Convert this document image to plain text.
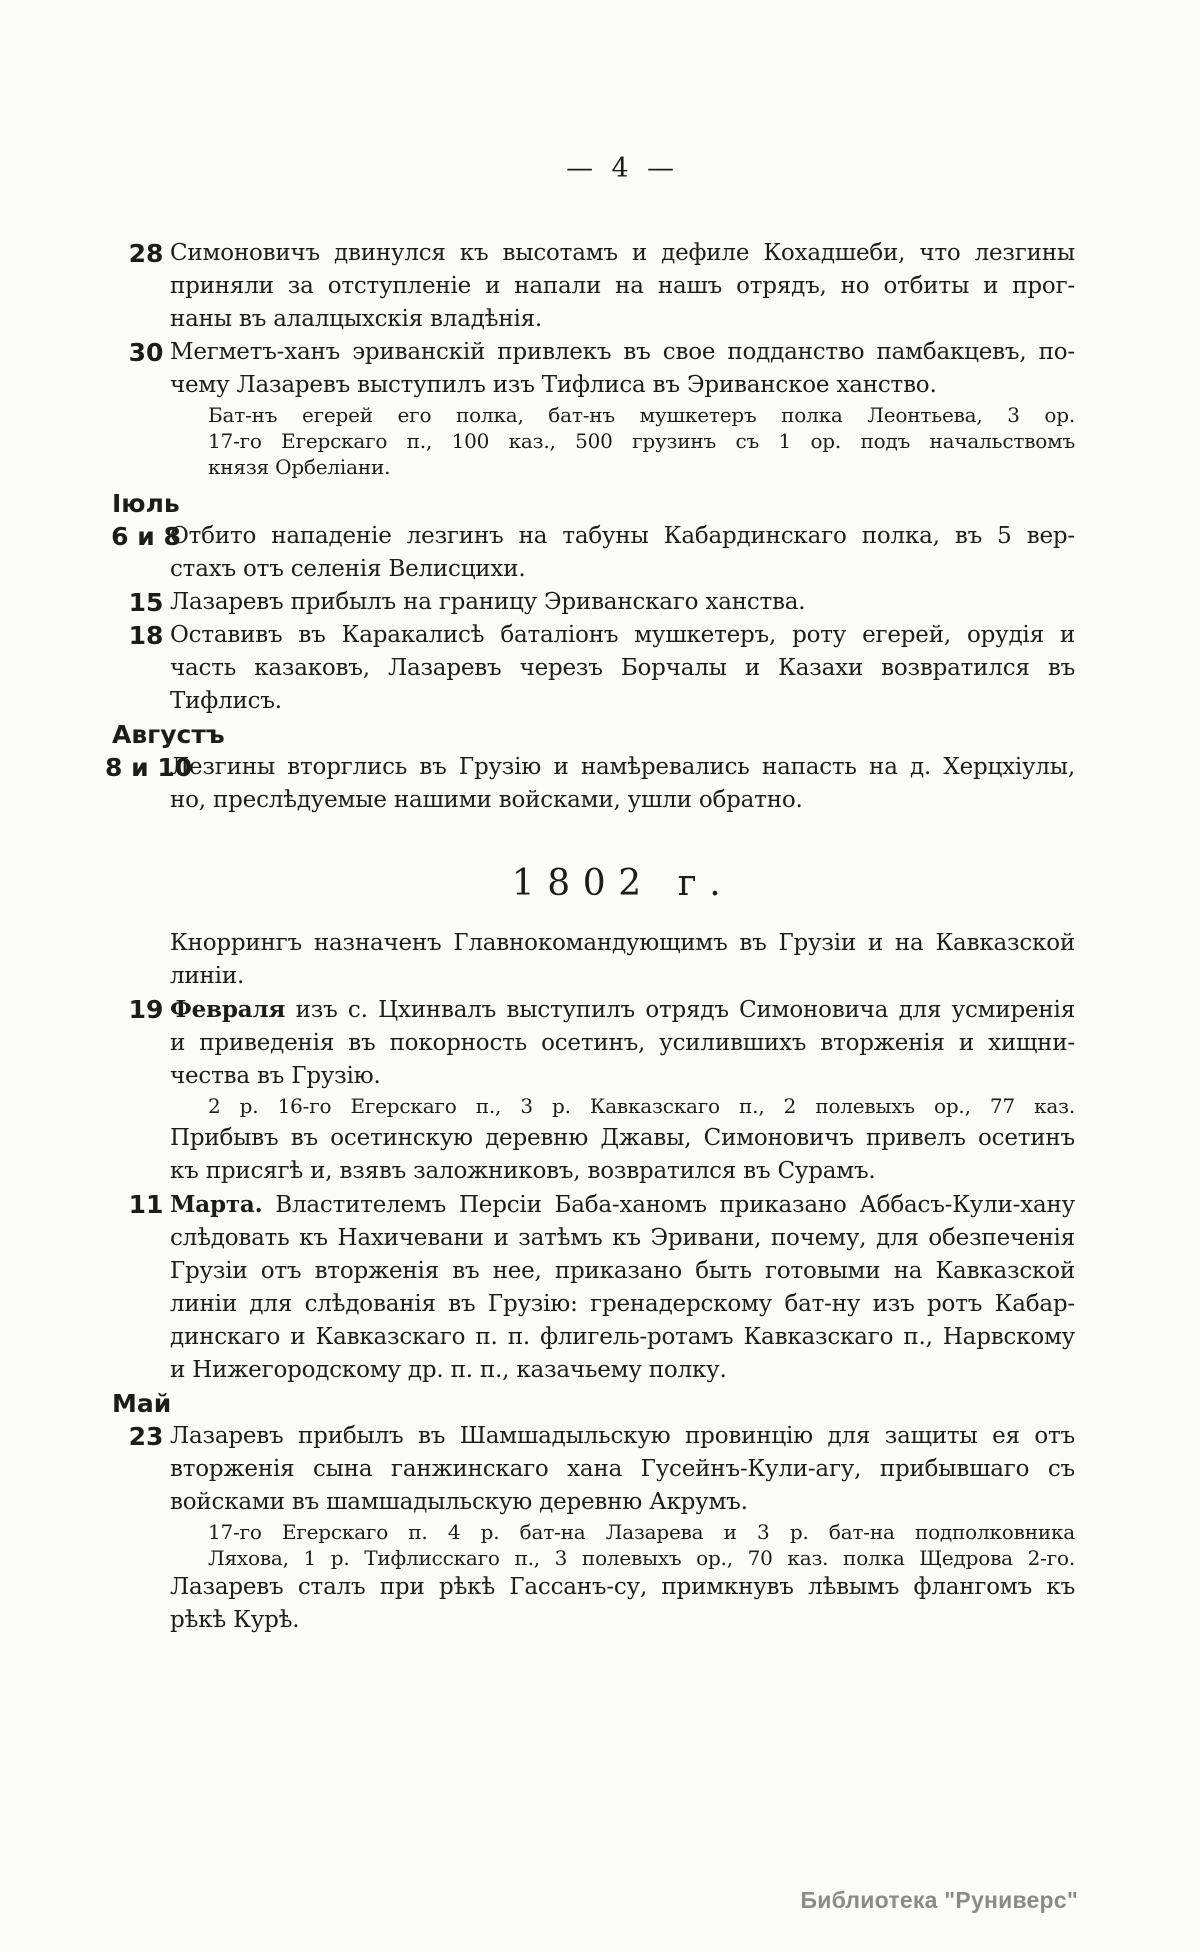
— 4 —
28 Симоновичъ двинулся къ высотамъ и дефиле Кохадшеби, что лезгины
приняли за отступленіе и напали на нашъ отрядъ, но отбиты и прог-
наны въ алалцыхскія владѣнія.
30 Мегметъ-ханъ эриванскій привлекъ въ свое подданство памбакцевъ, по-
чему Лазаревъ выступилъ изъ Тифлиса въ Эриванское ханство.
Бат-нъ егерей его полка, бат-нъ мушкетеръ полка Леонтьева, 3 ор.
17-го Егерскаго п., 100 каз., 500 грузинъ съ 1 ор. подъ начальствомъ
князя Орбеліани.
Іюль
6 и 8
Отбито нападеніе лезгинъ на табуны Кабардинскаго полка, въ 5 вер-
стахъ отъ селенія Велисцихи.
15 Лазаревъ прибылъ на границу Эриванскаго ханства.
18 Оставивъ въ Каракалисѣ баталіонъ мушкетеръ, роту егерей, орудія и
часть казаковъ, Лазаревъ черезъ Борчалы и Казахи возвратился въ
Тифлисъ.
Августъ
8 и 10
Лезгины вторглись въ Грузію и намѣревались напасть на д. Херцхіулы,
но, преслѣдуемые нашими войсками, ушли обратно.
1802 г.
Кноррингъ назначенъ Главнокомандующимъ въ Грузіи и на Кавказской
линіи.
19 Февраля изъ с. Цхинвалъ выступилъ отрядъ Симоновича для усмиренія
и приведенія въ покорность осетинъ, усилившихъ вторженія и хищни-
чества въ Грузію.
2 р. 16-го Егерскаго п., 3 р. Кавказскаго п., 2 полевыхъ ор., 77 каз.
Прибывъ въ осетинскую деревню Джавы, Симоновичъ привелъ осетинъ
къ присягѣ и, взявъ заложниковъ, возвратился въ Сурамъ.
11 Марта. Властителемъ Персіи Баба-ханомъ приказано Аббасъ-Кули-хану
слѣдовать къ Нахичевани и затѣмъ къ Эривани, почему, для обезпеченія
Грузіи отъ вторженія въ нее, приказано быть готовыми на Кавказской
линіи для слѣдованія въ Грузію: гренадерскому бат-ну изъ ротъ Кабар-
динскаго и Кавказскаго п. п. флигель-ротамъ Кавказскаго п., Нарвскому
и Нижегородскому др. п. п., казачьему полку.
Май
23 Лазаревъ прибылъ въ Шамшадыльскую провинцію для защиты ея отъ
вторженія сына ганжинскаго хана Гусейнъ-Кули-агу, прибывшаго съ
войсками въ шамшадыльскую деревню Акрумъ.
17-го Егерскаго п. 4 р. бат-на Лазарева и 3 р. бат-на подполковника
Ляхова, 1 р. Тифлисскаго п., 3 полевыхъ ор., 70 каз. полка Щедрова 2-го.
Лазаревъ сталъ при рѣкѣ Гассанъ-су, примкнувъ лѣвымъ флангомъ къ
рѣкѣ Курѣ.
Библиотека "Руниверс"
